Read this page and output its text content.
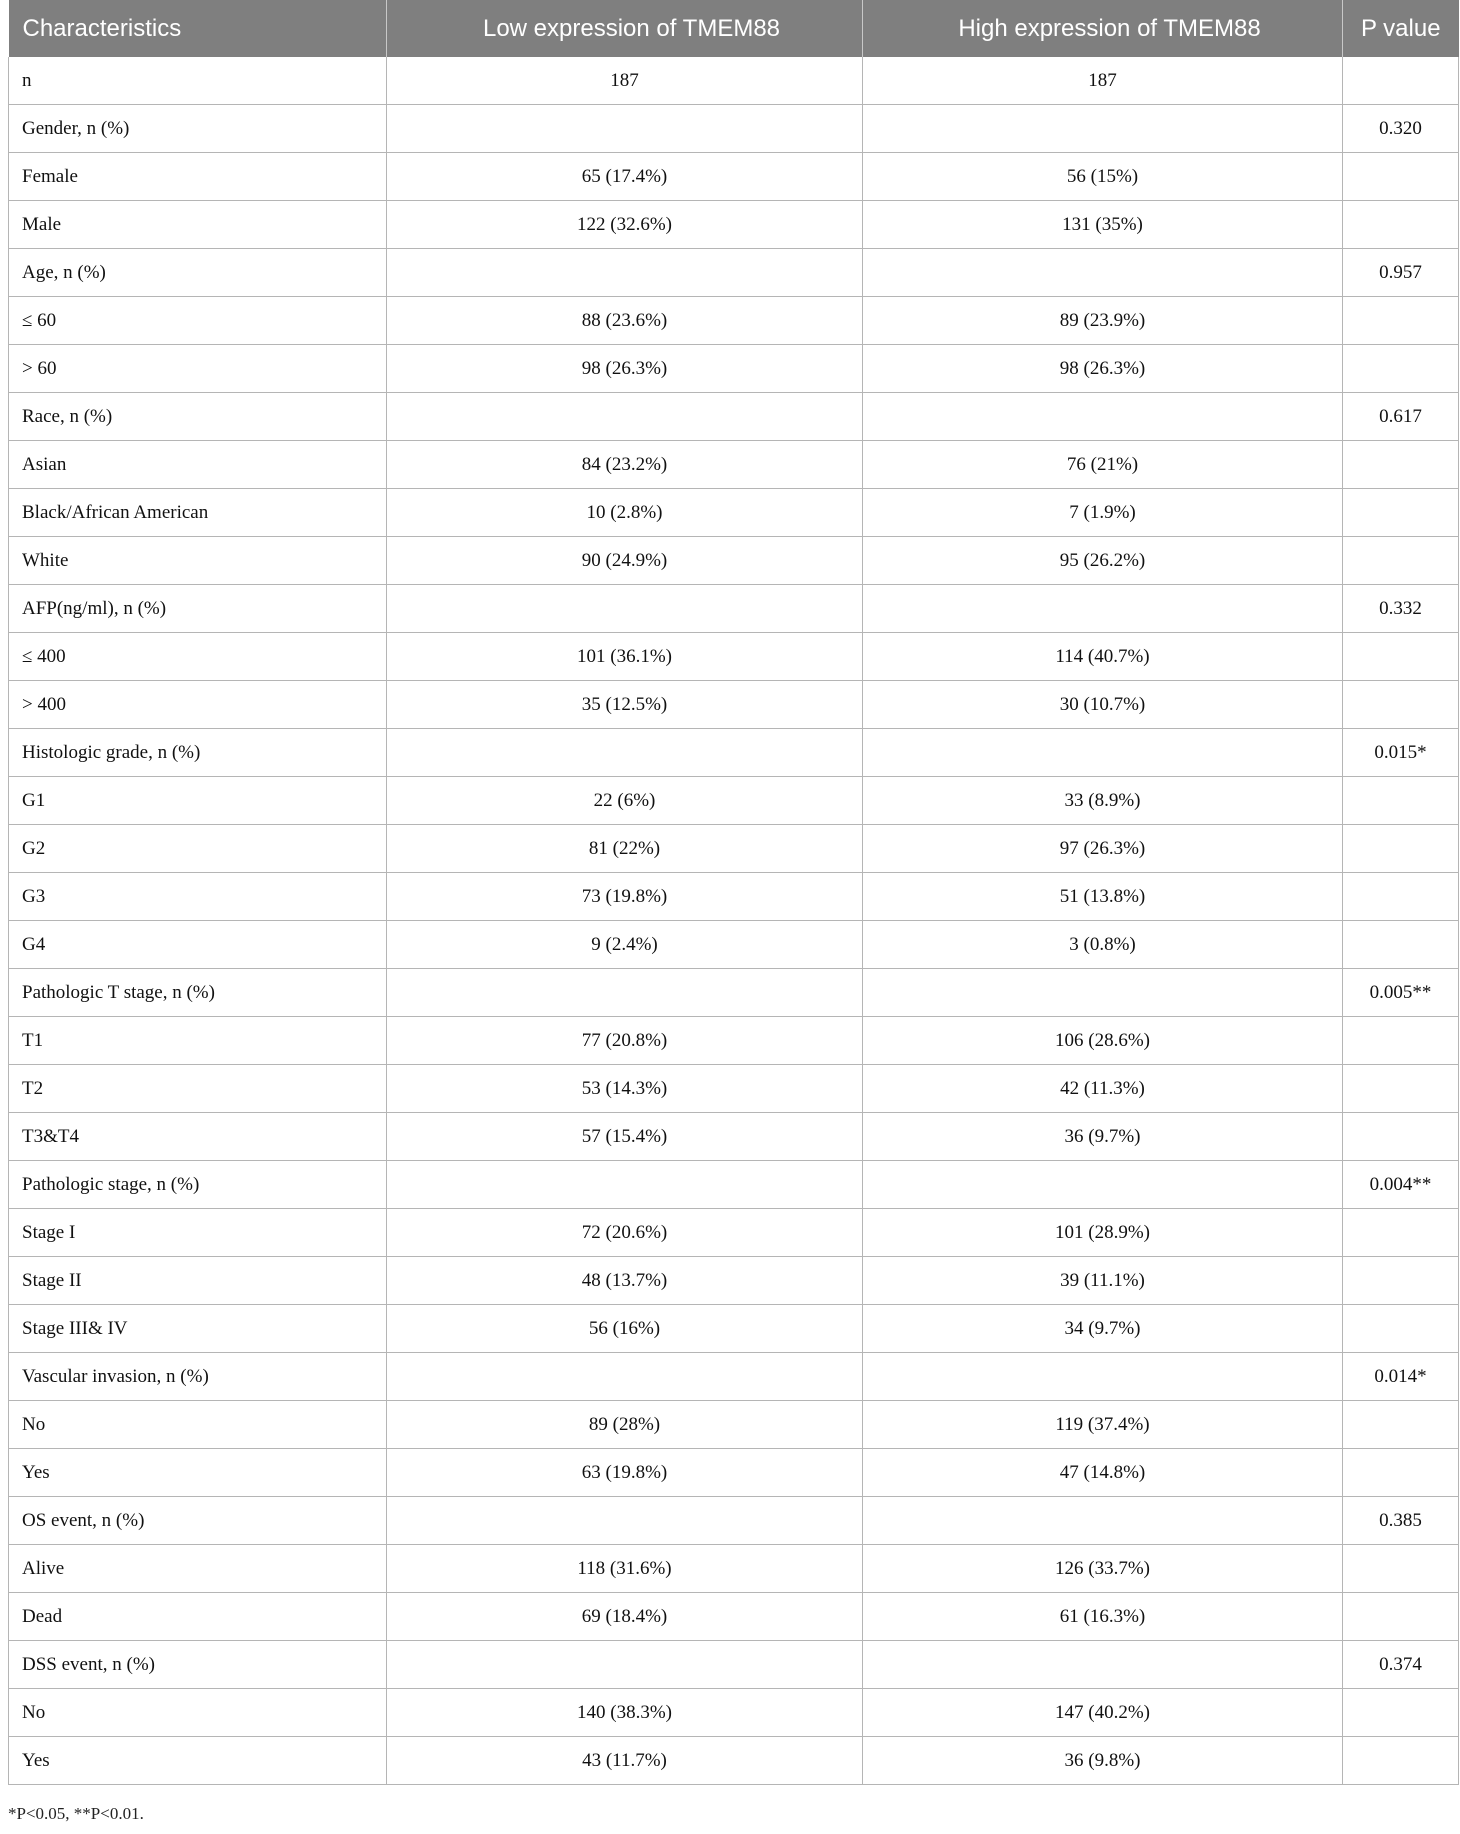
Characteristics	Low expression of TMEM88	High expression of TMEM88	P value
n	187	187	
Gender, n (%)			0.320
Female	65 (17.4%)	56 (15%)	
Male	122 (32.6%)	131 (35%)	
Age, n (%)			0.957
≤ 60	88 (23.6%)	89 (23.9%)	
> 60	98 (26.3%)	98 (26.3%)	
Race, n (%)			0.617
Asian	84 (23.2%)	76 (21%)	
Black/African American	10 (2.8%)	7 (1.9%)	
White	90 (24.9%)	95 (26.2%)	
AFP(ng/ml), n (%)			0.332
≤ 400	101 (36.1%)	114 (40.7%)	
> 400	35 (12.5%)	30 (10.7%)	
Histologic grade, n (%)			0.015*
G1	22 (6%)	33 (8.9%)	
G2	81 (22%)	97 (26.3%)	
G3	73 (19.8%)	51 (13.8%)	
G4	9 (2.4%)	3 (0.8%)	
Pathologic T stage, n (%)			0.005**
T1	77 (20.8%)	106 (28.6%)	
T2	53 (14.3%)	42 (11.3%)	
T3&T4	57 (15.4%)	36 (9.7%)	
Pathologic stage, n (%)			0.004**
Stage I	72 (20.6%)	101 (28.9%)	
Stage II	48 (13.7%)	39 (11.1%)	
Stage III& IV	56 (16%)	34 (9.7%)	
Vascular invasion, n (%)			0.014*
No	89 (28%)	119 (37.4%)	
Yes	63 (19.8%)	47 (14.8%)	
OS event, n (%)			0.385
Alive	118 (31.6%)	126 (33.7%)	
Dead	69 (18.4%)	61 (16.3%)	
DSS event, n (%)			0.374
No	140 (38.3%)	147 (40.2%)	
Yes	43 (11.7%)	36 (9.8%)	
*P<0.05, **P<0.01.
